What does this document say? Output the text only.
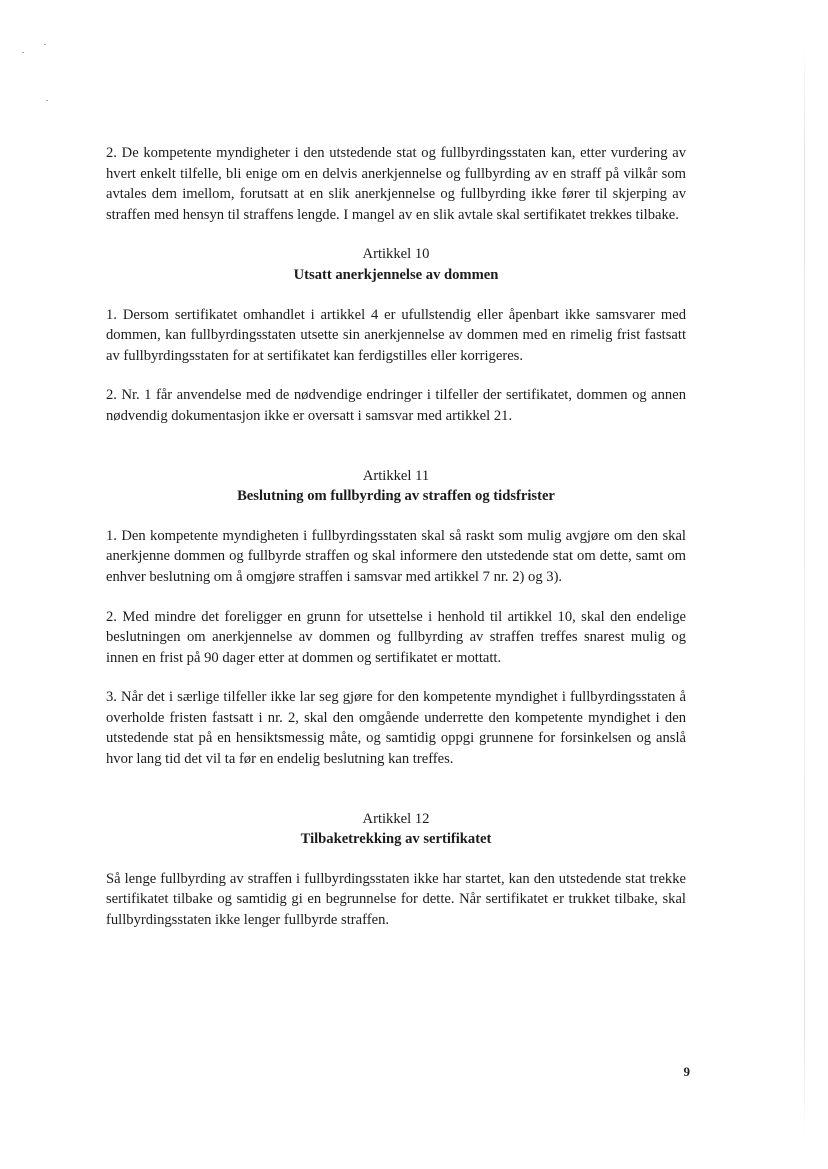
2. De kompetente myndigheter i den utstedende stat og fullbyrdingsstaten kan, etter vurdering av hvert enkelt tilfelle, bli enige om en delvis anerkjennelse og fullbyrding av en straff på vilkår som avtales dem imellom, forutsatt at en slik anerkjennelse og fullbyrding ikke fører til skjerping av straffen med hensyn til straffens lengde. I mangel av en slik avtale skal sertifikatet trekkes tilbake.

Artikkel 10
Utsatt anerkjennelse av dommen

1. Dersom sertifikatet omhandlet i artikkel 4 er ufullstendig eller åpenbart ikke samsvarer med dommen, kan fullbyrdingsstaten utsette sin anerkjennelse av dommen med en rimelig frist fastsatt av fullbyrdingsstaten for at sertifikatet kan ferdigstilles eller korrigeres.

2. Nr. 1 får anvendelse med de nødvendige endringer i tilfeller der sertifikatet, dommen og annen nødvendig dokumentasjon ikke er oversatt i samsvar med artikkel 21.

Artikkel 11
Beslutning om fullbyrding av straffen og tidsfrister

1. Den kompetente myndigheten i fullbyrdingsstaten skal så raskt som mulig avgjøre om den skal anerkjenne dommen og fullbyrde straffen og skal informere den utstedende stat om dette, samt om enhver beslutning om å omgjøre straffen i samsvar med artikkel 7 nr. 2) og 3).

2. Med mindre det foreligger en grunn for utsettelse i henhold til artikkel 10, skal den endelige beslutningen om anerkjennelse av dommen og fullbyrding av straffen treffes snarest mulig og innen en frist på 90 dager etter at dommen og sertifikatet er mottatt.

3. Når det i særlige tilfeller ikke lar seg gjøre for den kompetente myndighet i fullbyrdingsstaten å overholde fristen fastsatt i nr. 2, skal den omgående underrette den kompetente myndighet i den utstedende stat på en hensiktsmessig måte, og samtidig oppgi grunnene for forsinkelsen og anslå hvor lang tid det vil ta før en endelig beslutning kan treffes.

Artikkel 12
Tilbaketrekking av sertifikatet

Så lenge fullbyrding av straffen i fullbyrdingsstaten ikke har startet, kan den utstedende stat trekke sertifikatet tilbake og samtidig gi en begrunnelse for dette. Når sertifikatet er trukket tilbake, skal fullbyrdingsstaten ikke lenger fullbyrde straffen.

9
